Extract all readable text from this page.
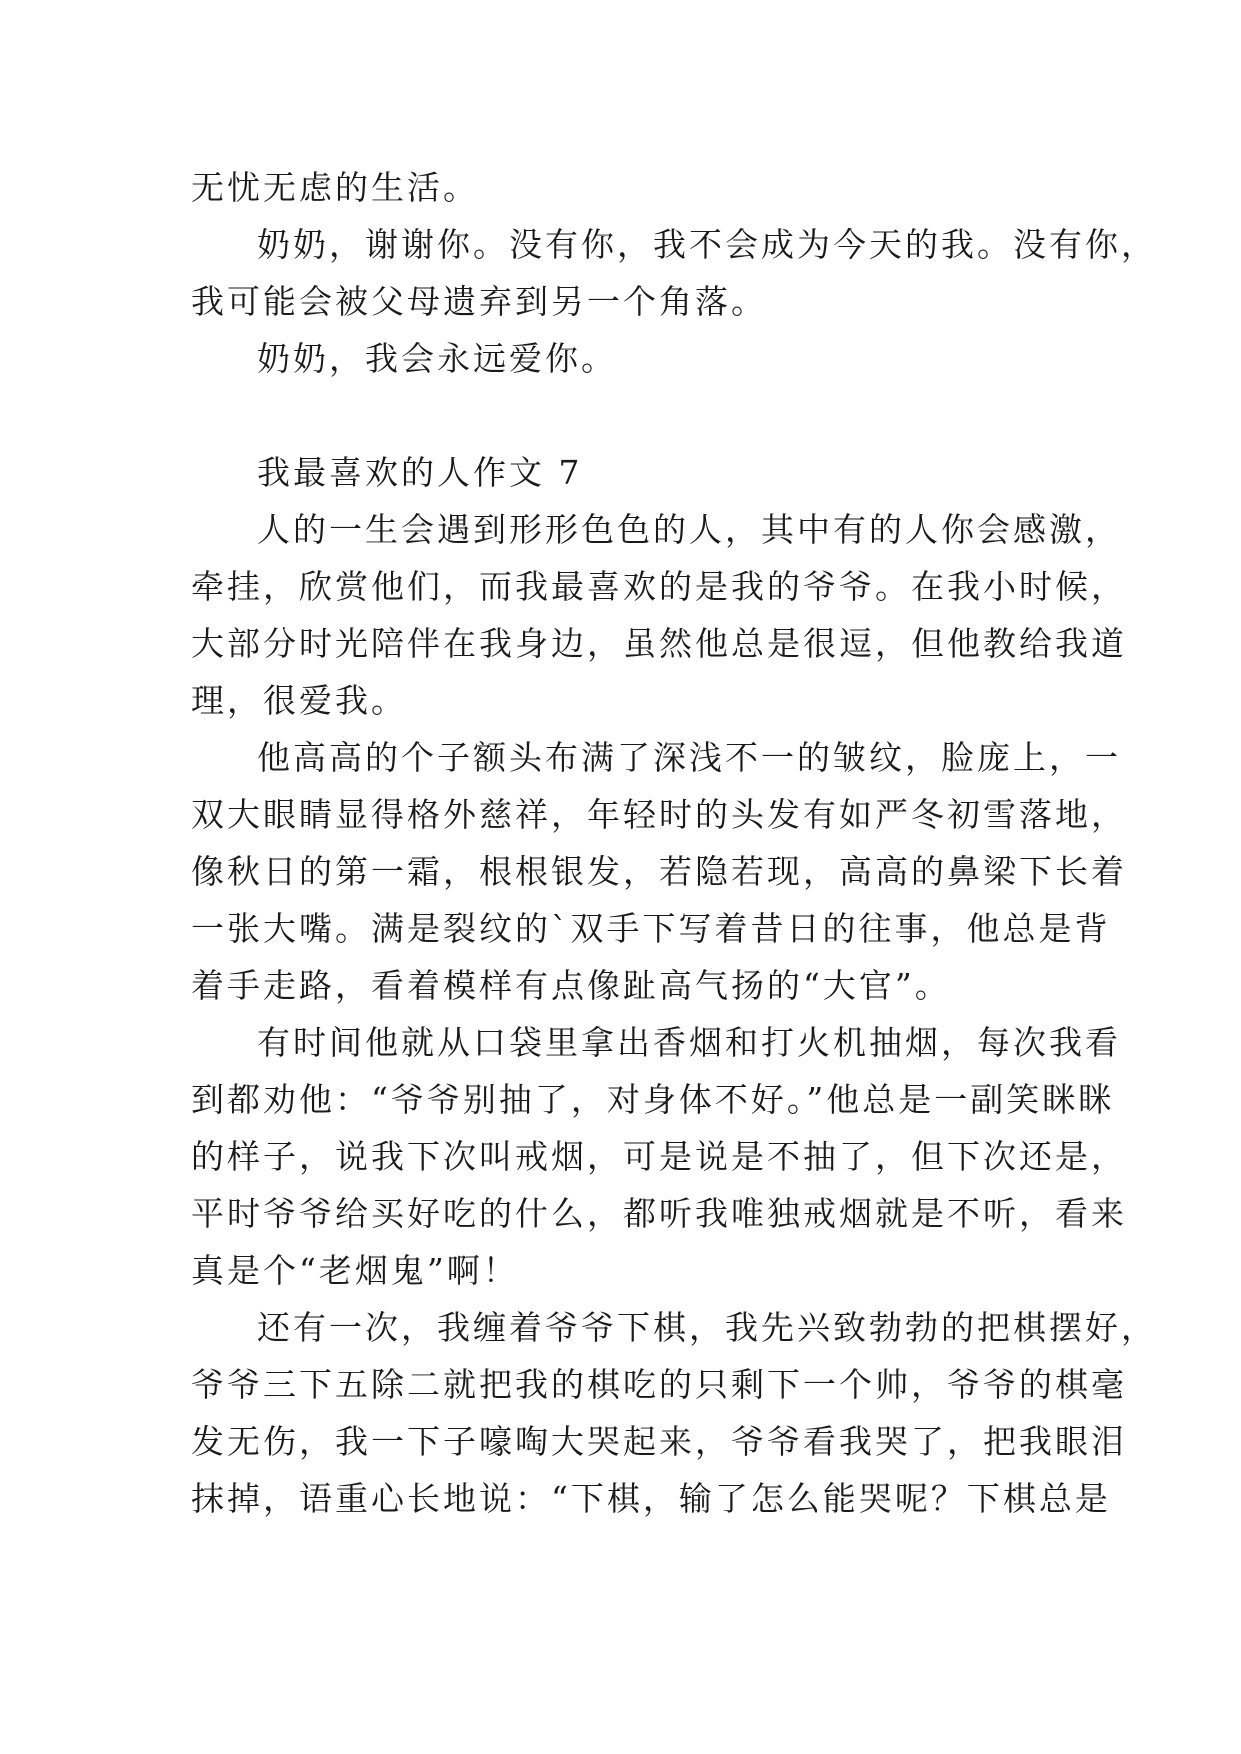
无忧无虑的生活。
奶奶，谢谢你。没有你，我不会成为今天的我。没有你，
我可能会被父母遗弃到另一个角落。
奶奶，我会永远爱你。
我最喜欢的人作文 7
人的一生会遇到形形色色的人，其中有的人你会感激，
牵挂，欣赏他们，而我最喜欢的是我的爷爷。在我小时候，
大部分时光陪伴在我身边，虽然他总是很逗，但他教给我道
理，很爱我。
他高高的个子额头布满了深浅不一的皱纹，脸庞上，一
双大眼睛显得格外慈祥，年轻时的头发有如严冬初雪落地，
像秋日的第一霜，根根银发，若隐若现，高高的鼻梁下长着
一张大嘴。满是裂纹的`双手下写着昔日的往事，他总是背
着手走路，看着模样有点像趾高气扬的“大官”。
有时间他就从口袋里拿出香烟和打火机抽烟，每次我看
到都劝他：“爷爷别抽了，对身体不好。”他总是一副笑眯眯
的样子，说我下次叫戒烟，可是说是不抽了，但下次还是，
平时爷爷给买好吃的什么，都听我唯独戒烟就是不听，看来
真是个“老烟鬼”啊！
还有一次，我缠着爷爷下棋，我先兴致勃勃的把棋摆好，
爷爷三下五除二就把我的棋吃的只剩下一个帅，爷爷的棋毫
发无伤，我一下子嚎啕大哭起来，爷爷看我哭了，把我眼泪
抹掉，语重心长地说：“下棋，输了怎么能哭呢？下棋总是
